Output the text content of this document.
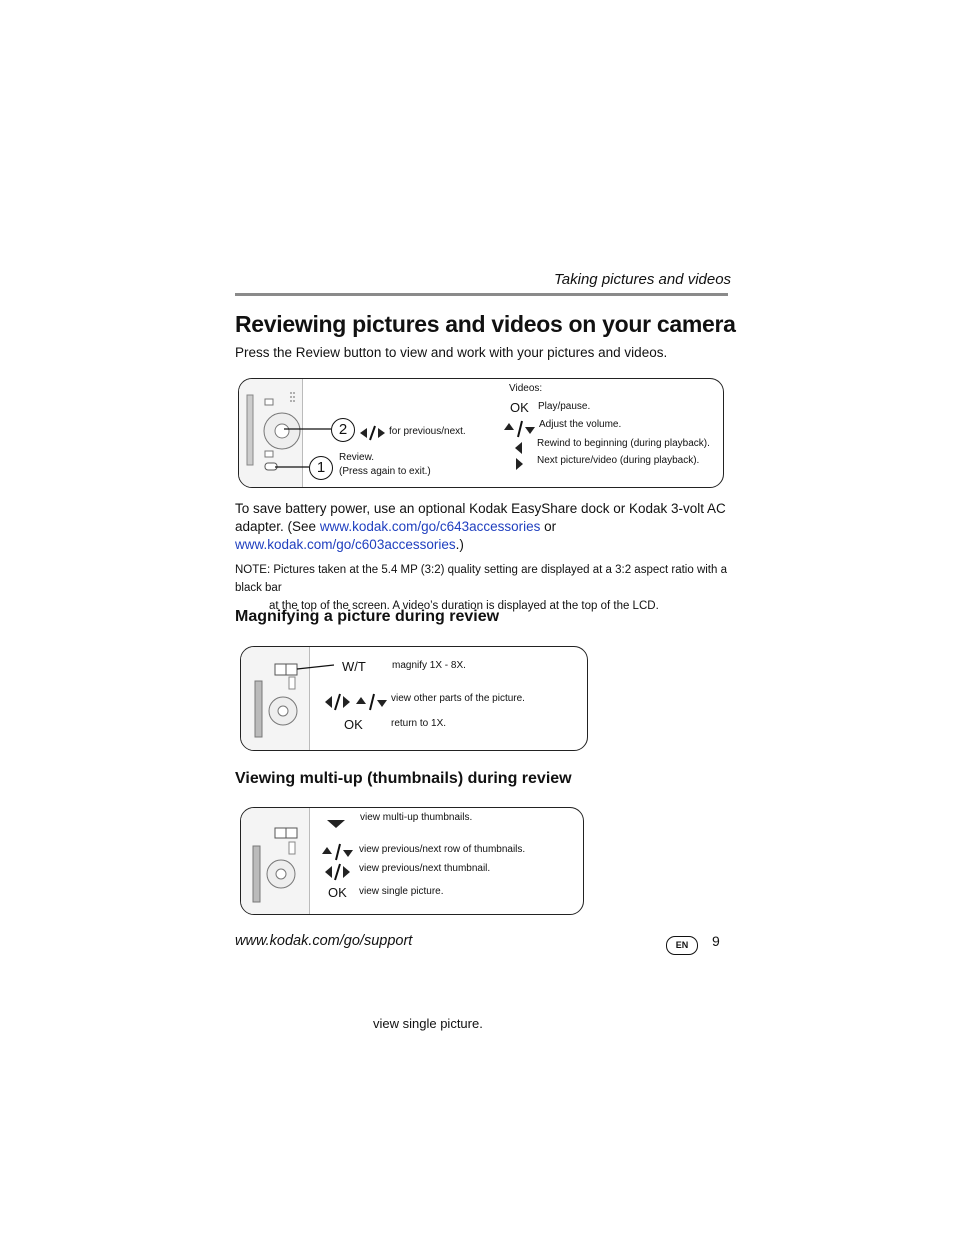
Taking pictures and videos
Reviewing pictures and videos on your camera
Press the Review button to view and work with your pictures and videos.
2
1
for previous/next.
Review.
(Press again to exit.)
Videos:
OK Play/pause.
Adjust the volume.
Rewind to beginning (during playback).
Next picture/video (during playback).
To save battery power, use an optional Kodak EasyShare dock or Kodak 3-volt AC
adapter. (See www.kodak.com/go/c643accessories or
www.kodak.com/go/c603accessories.)
NOTE: Pictures taken at the 5.4 MP (3:2) quality setting are displayed at a 3:2 aspect ratio with a black bar
at the top of the screen. A video’s duration is displayed at the top of the LCD.
Magnifying a picture during review
W/T	magnify 1X - 8X.
view other parts of the picture.
OK	return to 1X.
Viewing multi-up (thumbnails) during review
view multi-up thumbnails.
view previous/next row of thumbnails.
view previous/next thumbnail.
OK view single picture.
www.kodak.com/go/support	EN	9
view single picture.
